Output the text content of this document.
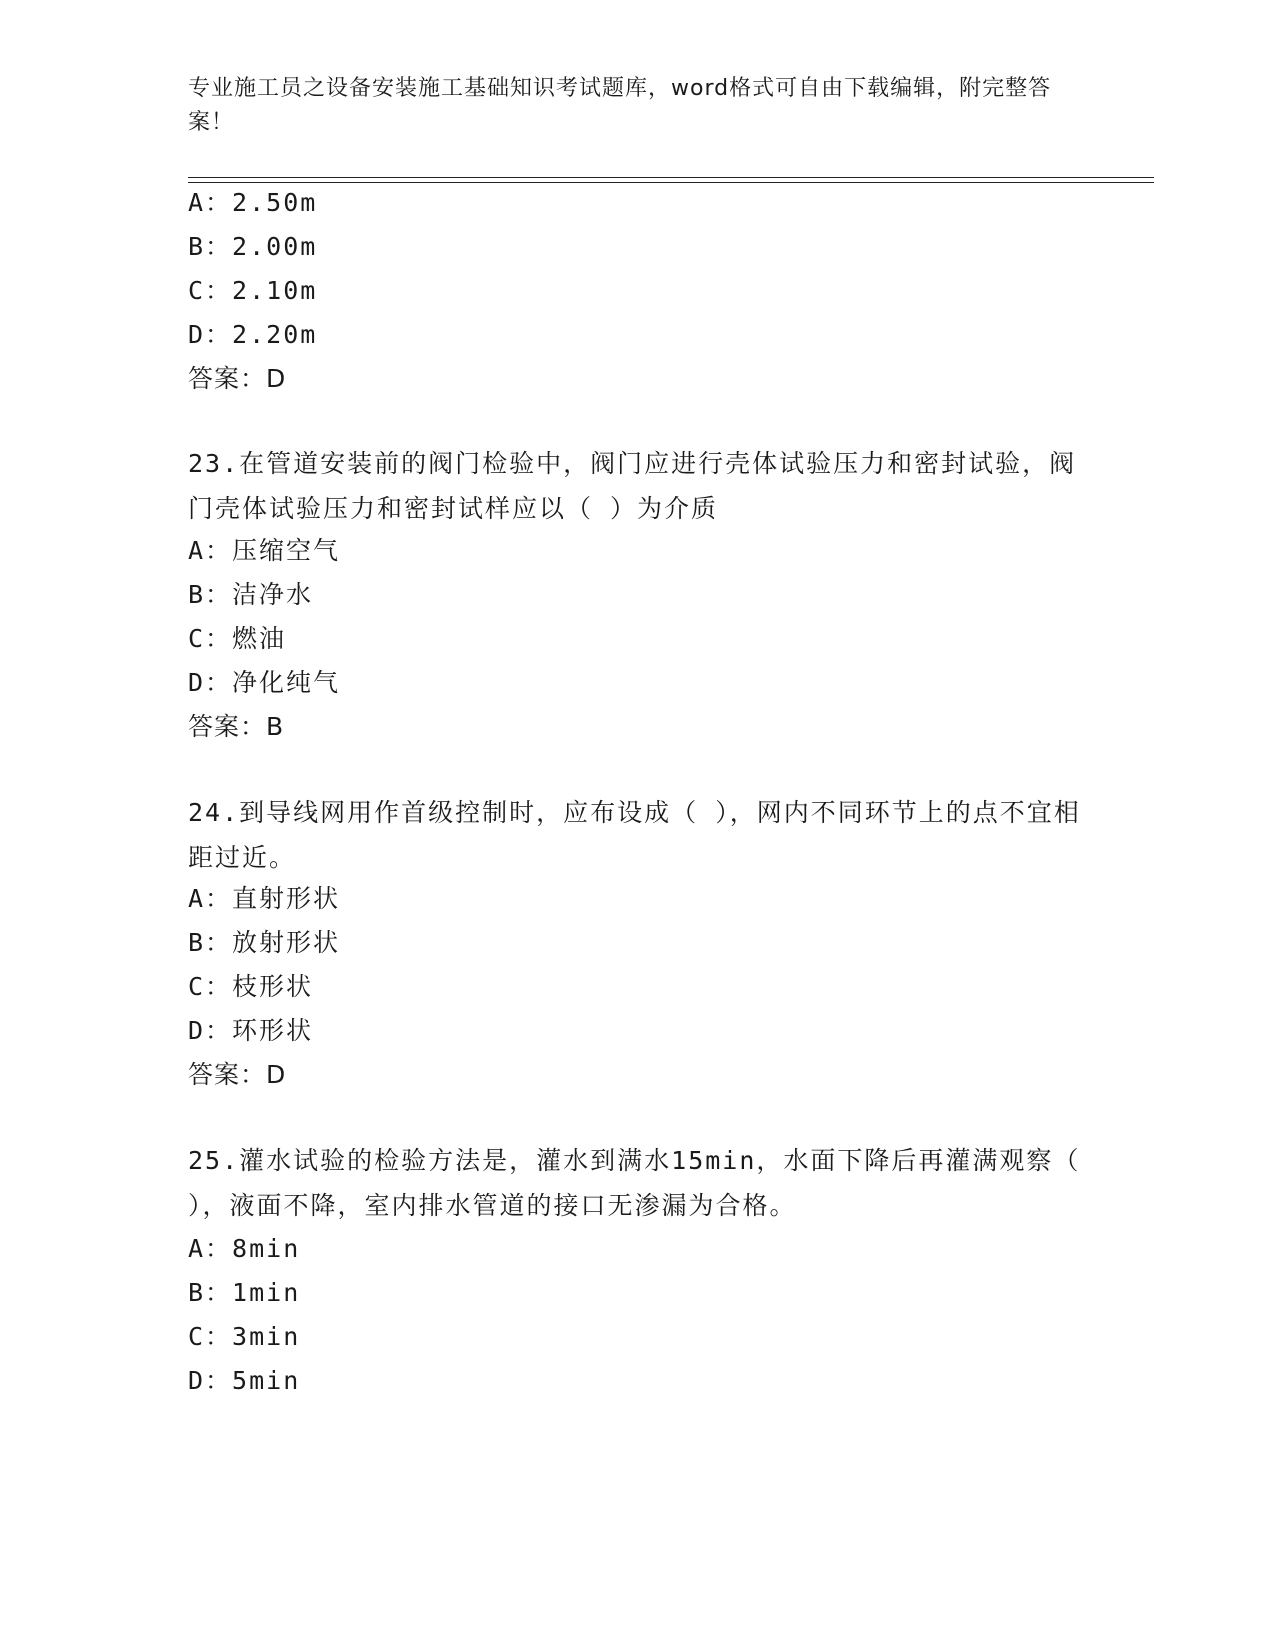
专业施工员之设备安装施工基础知识考试题库，word格式可自由下载编辑，附完整答案！
A：2.50m
B：2.00m
C：2.10m
D：2.20m
答案：D
23.在管道安装前的阀门检验中，阀门应进行壳体试验压力和密封试验，阀门壳体试验压力和密封试样应以（ ）为介质
A：压缩空气
B：洁净水
C：燃油
D：净化纯气
答案：B
24.到导线网用作首级控制时，应布设成（ ），网内不同环节上的点不宜相距过近。
A：直射形状
B：放射形状
C：枝形状
D：环形状
答案：D
25.灌水试验的检验方法是，灌水到满水15min，水面下降后再灌满观察（ ），液面不降，室内排水管道的接口无渗漏为合格。
A：8min
B：1min
C：3min
D：5min
